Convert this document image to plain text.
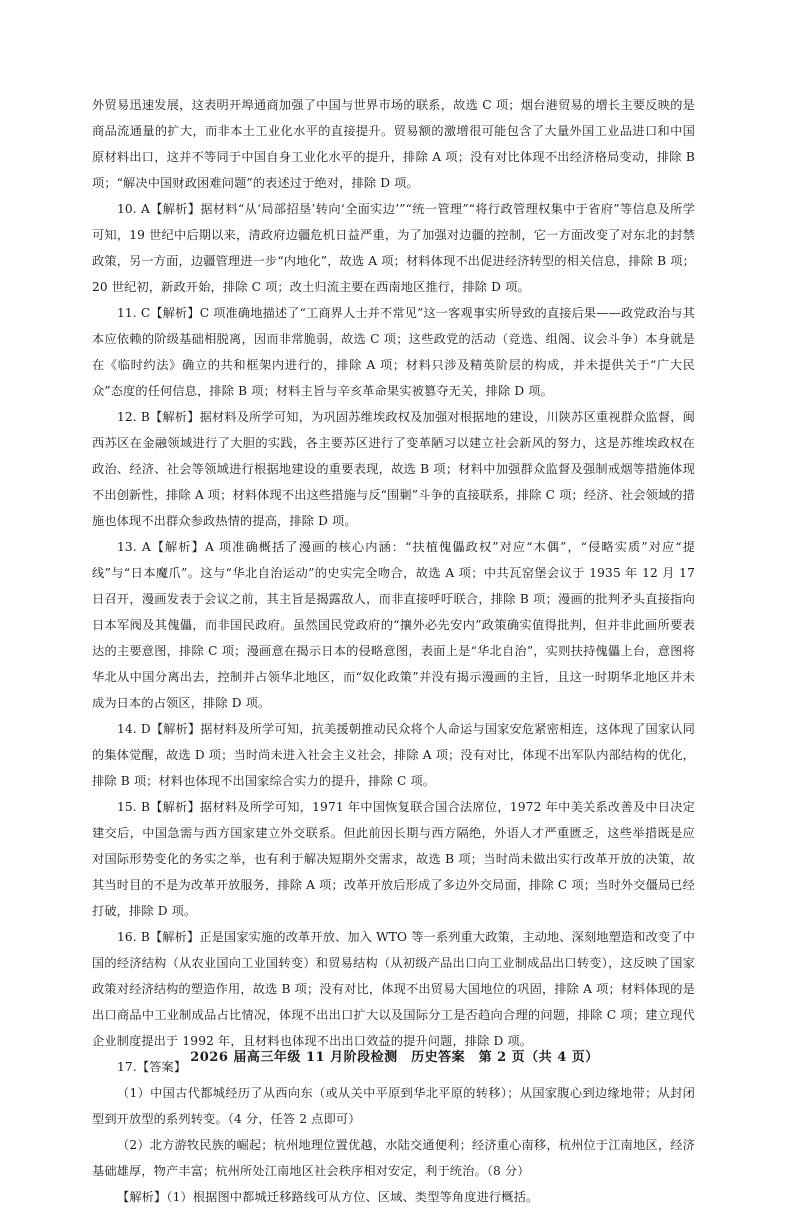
外贸易迅速发展，这表明开埠通商加强了中国与世界市场的联系，故选 C 项；烟台港贸易的增长主要反映的是商品流通量的扩大，而非本土工业化水平的直接提升。贸易额的激增很可能包含了大量外国工业品进口和中国原材料出口，这并不等同于中国自身工业化水平的提升，排除 A 项；没有对比体现不出经济格局变动，排除 B 项；“解决中国财政困难问题”的表述过于绝对，排除 D 项。

10. A【解析】据材料“从‘局部招垦’转向‘全面实边’”“统一管理”“将行政管理权集中于省府”等信息及所学可知，19 世纪中后期以来，清政府边疆危机日益严重，为了加强对边疆的控制，它一方面改变了对东北的封禁政策，另一方面，边疆管理进一步“内地化”，故选 A 项；材料体现不出促进经济转型的相关信息，排除 B 项；20 世纪初，新政开始，排除 C 项；改土归流主要在西南地区推行，排除 D 项。

11. C【解析】C 项准确地描述了“工商界人士并不常见”这一客观事实所导致的直接后果——政党政治与其本应依赖的阶级基础相脱离，因而非常脆弱，故选 C 项；这些政党的活动（竞选、组阁、议会斗争）本身就是在《临时约法》确立的共和框架内进行的，排除 A 项；材料只涉及精英阶层的构成，并未提供关于“广大民众”态度的任何信息，排除 B 项；材料主旨与辛亥革命果实被篡夺无关，排除 D 项。

12. B【解析】据材料及所学可知，为巩固苏维埃政权及加强对根据地的建设，川陕苏区重视群众监督，闽西苏区在金融领域进行了大胆的实践，各主要苏区进行了变革陋习以建立社会新风的努力，这是苏维埃政权在政治、经济、社会等领域进行根据地建设的重要表现，故选 B 项；材料中加强群众监督及强制戒烟等措施体现不出创新性，排除 A 项；材料体现不出这些措施与反“围剿”斗争的直接联系，排除 C 项；经济、社会领域的措施也体现不出群众参政热情的提高，排除 D 项。

13. A【解析】A 项准确概括了漫画的核心内涵：“扶植傀儡政权”对应“木偶”，“侵略实质”对应“提线”与“日本魔爪”。这与“华北自治运动”的史实完全吻合，故选 A 项；中共瓦窑堡会议于 1935 年 12 月 17 日召开，漫画发表于会议之前，其主旨是揭露敌人，而非直接呼吁联合，排除 B 项；漫画的批判矛头直接指向日本军阀及其傀儡，而非国民政府。虽然国民党政府的“攘外必先安内”政策确实值得批判，但并非此画所要表达的主要意图，排除 C 项；漫画意在揭示日本的侵略意图，表面上是“华北自治”，实则扶持傀儡上台，意图将华北从中国分离出去，控制并占领华北地区，而“奴化政策”并没有揭示漫画的主旨，且这一时期华北地区并未成为日本的占领区，排除 D 项。

14. D【解析】据材料及所学可知，抗美援朝推动民众将个人命运与国家安危紧密相连，这体现了国家认同的集体觉醒，故选 D 项；当时尚未进入社会主义社会，排除 A 项；没有对比，体现不出军队内部结构的优化，排除 B 项；材料也体现不出国家综合实力的提升，排除 C 项。

15. B【解析】据材料及所学可知，1971 年中国恢复联合国合法席位，1972 年中美关系改善及中日决定建交后，中国急需与西方国家建立外交联系。但此前因长期与西方隔绝，外语人才严重匮乏，这些举措既是应对国际形势变化的务实之举，也有利于解决短期外交需求，故选 B 项；当时尚未做出实行改革开放的决策，故其当时目的不是为改革开放服务，排除 A 项；改革开放后形成了多边外交局面，排除 C 项；当时外交僵局已经打破，排除 D 项。

16. B【解析】正是国家实施的改革开放、加入 WTO 等一系列重大政策，主动地、深刻地塑造和改变了中国的经济结构（从农业国向工业国转变）和贸易结构（从初级产品出口向工业制成品出口转变），这反映了国家政策对经济结构的塑造作用，故选 B 项；没有对比，体现不出贸易大国地位的巩固，排除 A 项；材料体现的是出口商品中工业制成品占比情况，体现不出出口扩大以及国际分工是否趋向合理的问题，排除 C 项；建立现代企业制度提出于 1992 年，且材料也体现不出出口效益的提升问题，排除 D 项。

17.【答案】

（1）中国古代都城经历了从西向东（或从关中平原到华北平原的转移）；从国家腹心到边缘地带；从封闭型到开放型的系列转变。（4 分，任答 2 点即可）

（2）北方游牧民族的崛起；杭州地理位置优越，水陆交通便利；经济重心南移，杭州位于江南地区，经济基础雄厚，物产丰富；杭州所处江南地区社会秩序相对安定，利于统治。（8 分）

【解析】（1）根据图中都城迁移路线可从方位、区域、类型等角度进行概括。

2026 届高三年级 11 月阶段检测　历史答案　第 2 页（共 4 页）
